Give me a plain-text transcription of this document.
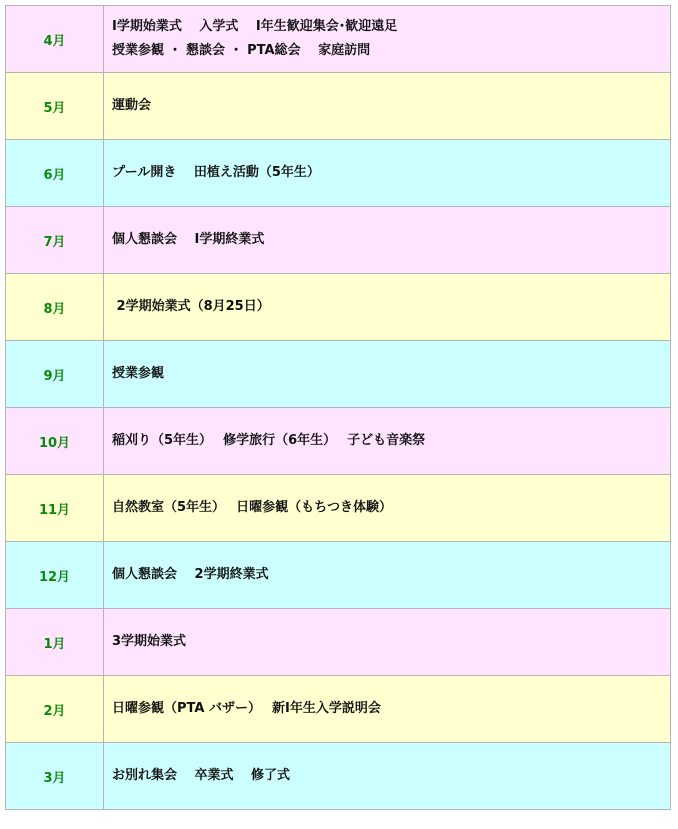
4月	Ⅰ学期始業式　 入学式　 Ⅰ年生歓迎集会･歓迎遠足
授業参観 ・ 懇談会 ・ PTA総会　 家庭訪問

5月	運動会

6月	プール開き　 田植え活動（5年生）

7月	個人懇談会　 Ⅰ学期終業式

8月	2学期始業式（8月25日）

9月	授業参観

10月	稲刈り（5年生）　 修学旅行（6年生）　 子ども音楽祭

11月	自然教室（5年生）　 日曜参観（もちつき体験）

12月	個人懇談会　 2学期終業式

1月	3学期始業式

2月	日曜参観（PTA バザー）　 新Ⅰ年生入学説明会

3月	お別れ集会　 卒業式　 修了式
